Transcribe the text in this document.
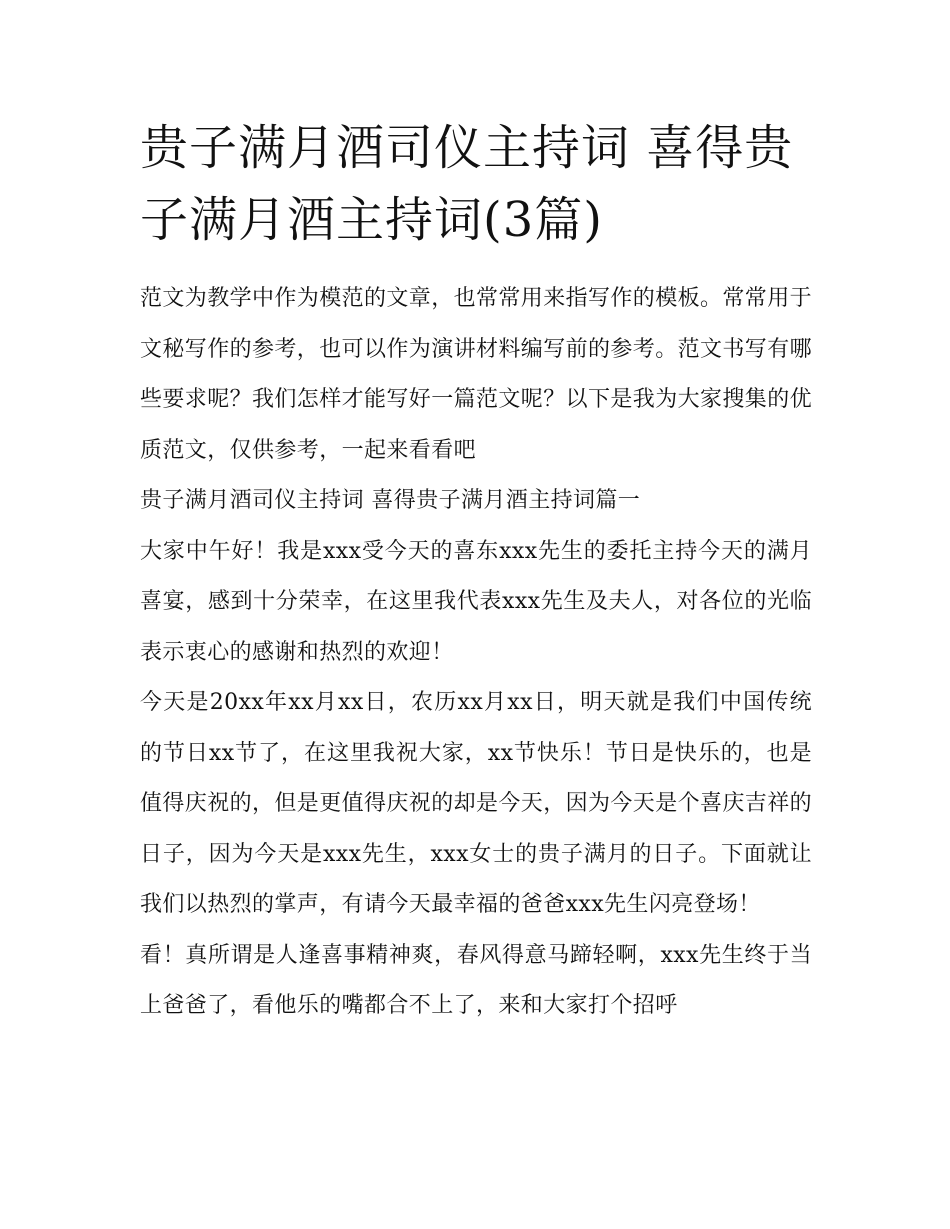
贵子满月酒司仪主持词 喜得贵子满月酒主持词(3篇)

范文为教学中作为模范的文章，也常常用来指写作的模板。常常用于文秘写作的参考，也可以作为演讲材料编写前的参考。范文书写有哪些要求呢？我们怎样才能写好一篇范文呢？以下是我为大家搜集的优质范文，仅供参考，一起来看看吧

贵子满月酒司仪主持词 喜得贵子满月酒主持词篇一

大家中午好！我是xxx受今天的喜东xxx先生的委托主持今天的满月喜宴，感到十分荣幸，在这里我代表xxx先生及夫人，对各位的光临表示衷心的感谢和热烈的欢迎！

今天是20xx年xx月xx日，农历xx月xx日，明天就是我们中国传统的节日xx节了，在这里我祝大家，xx节快乐！节日是快乐的，也是值得庆祝的，但是更值得庆祝的却是今天，因为今天是个喜庆吉祥的日子，因为今天是xxx先生，xxx女士的贵子满月的日子。下面就让我们以热烈的掌声，有请今天最幸福的爸爸xxx先生闪亮登场！

看！真所谓是人逢喜事精神爽，春风得意马蹄轻啊，xxx先生终于当上爸爸了，看他乐的嘴都合不上了，来和大家打个招呼
